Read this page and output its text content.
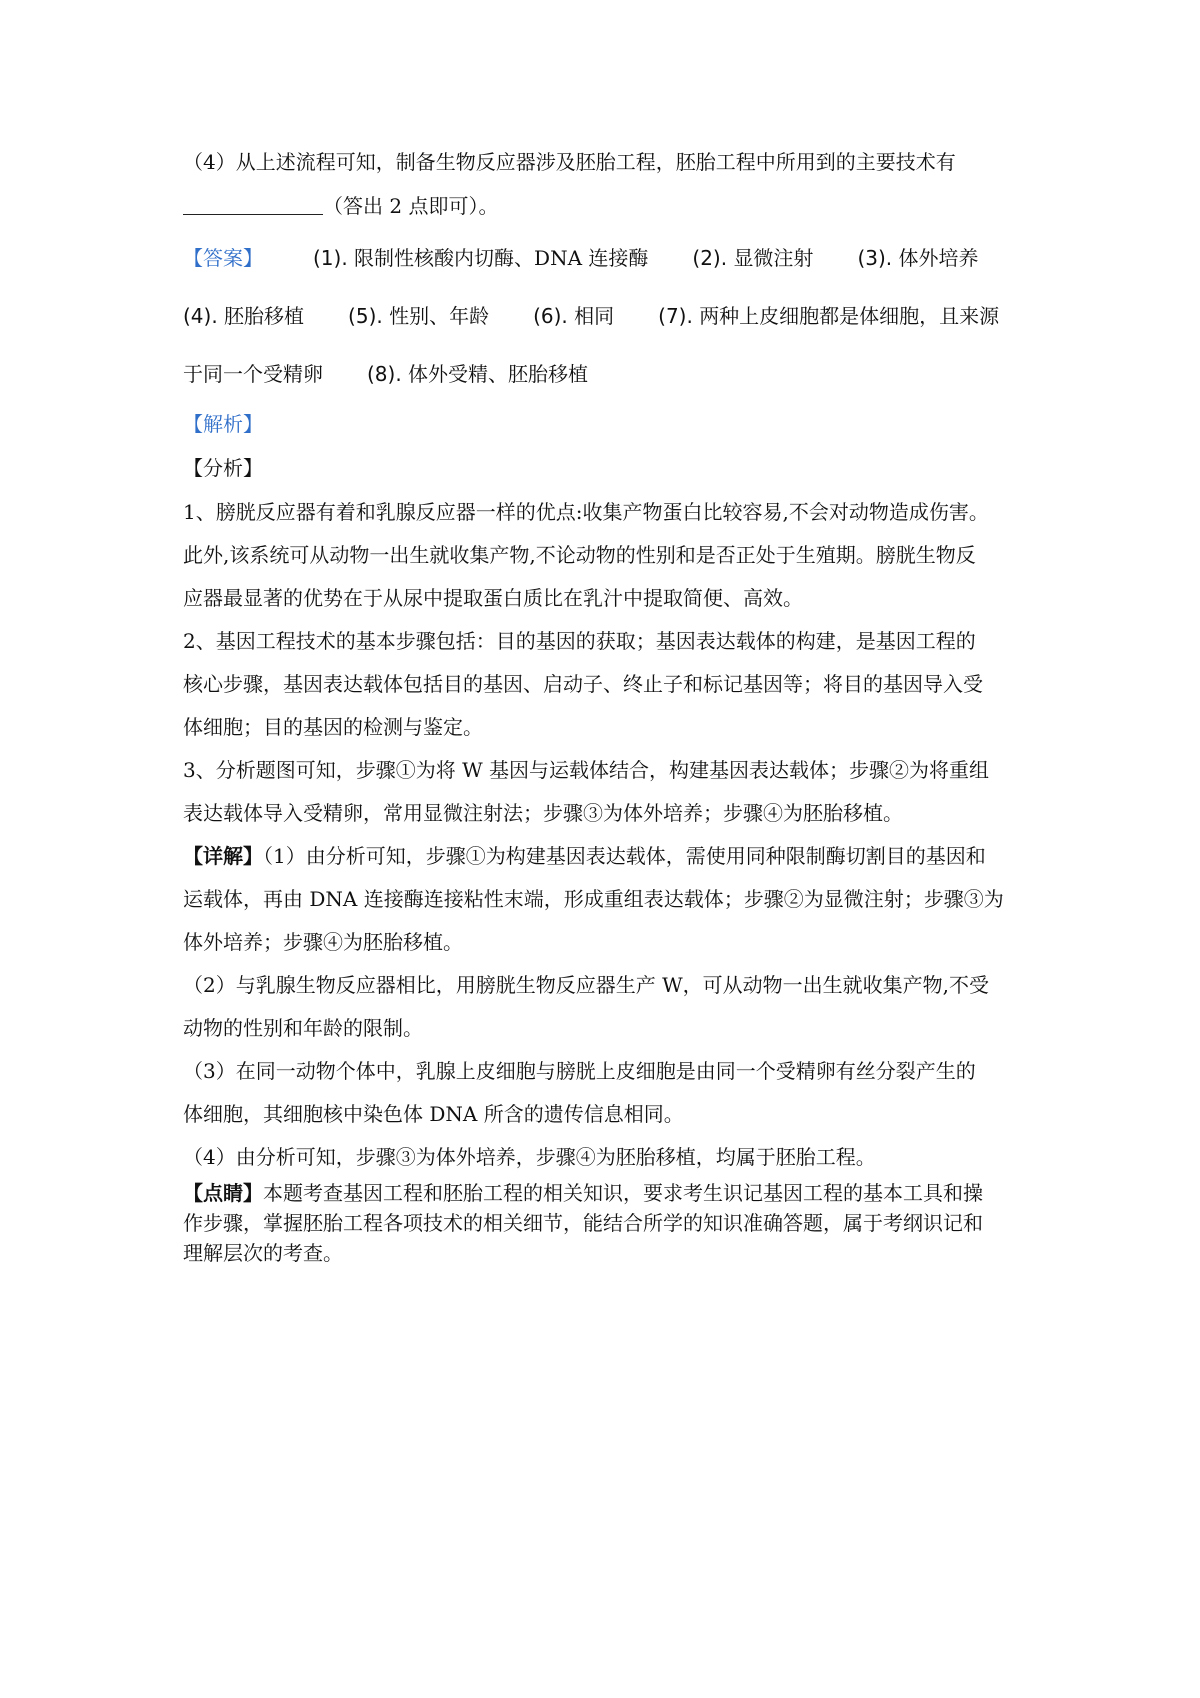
（4）从上述流程可知，制备生物反应器涉及胚胎工程，胚胎工程中所用到的主要技术有

（答出 2 点即可）。

【答案】	(1). 限制性核酸内切酶、DNA 连接酶 (2). 显微注射 (3). 体外培养
(4). 胚胎移植 (5). 性别、年龄 (6). 相同 (7). 两种上皮细胞都是体细胞，且来源
于同一个受精卵 (8). 体外受精、胚胎移植

【解析】

【分析】

1、膀胱反应器有着和乳腺反应器一样的优点:收集产物蛋白比较容易,不会对动物造成伤害。

此外,该系统可从动物一出生就收集产物,不论动物的性别和是否正处于生殖期。膀胱生物反

应器最显著的优势在于从尿中提取蛋白质比在乳汁中提取简便、高效。

2、基因工程技术的基本步骤包括：目的基因的获取；基因表达载体的构建，是基因工程的

核心步骤，基因表达载体包括目的基因、启动子、终止子和标记基因等；将目的基因导入受

体细胞；目的基因的检测与鉴定。

3、分析题图可知，步骤①为将 W 基因与运载体结合，构建基因表达载体；步骤②为将重组

表达载体导入受精卵，常用显微注射法；步骤③为体外培养；步骤④为胚胎移植。

【详解】（1）由分析可知，步骤①为构建基因表达载体，需使用同种限制酶切割目的基因和

运载体，再由 DNA 连接酶连接粘性末端，形成重组表达载体；步骤②为显微注射；步骤③为

体外培养；步骤④为胚胎移植。

（2）与乳腺生物反应器相比，用膀胱生物反应器生产 W，可从动物一出生就收集产物,不受

动物的性别和年龄的限制。

（3）在同一动物个体中，乳腺上皮细胞与膀胱上皮细胞是由同一个受精卵有丝分裂产生的

体细胞，其细胞核中染色体 DNA 所含的遗传信息相同。

（4）由分析可知，步骤③为体外培养，步骤④为胚胎移植，均属于胚胎工程。

【点睛】本题考查基因工程和胚胎工程的相关知识，要求考生识记基因工程的基本工具和操

作步骤，掌握胚胎工程各项技术的相关细节，能结合所学的知识准确答题，属于考纲识记和

理解层次的考查。
